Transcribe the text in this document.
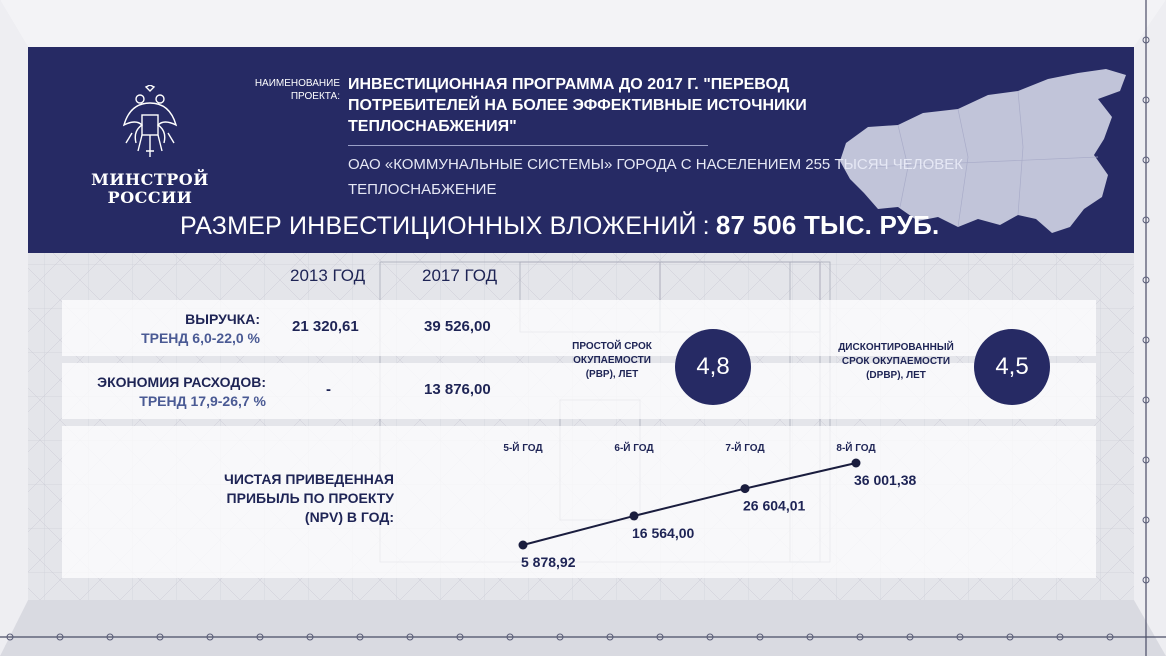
МИНСТРОЙ
РОССИИ
НАИМЕНОВАНИЕ ПРОЕКТА:
ИНВЕСТИЦИОННАЯ ПРОГРАММА ДО 2017 Г. "ПЕРЕВОД ПОТРЕБИТЕЛЕЙ НА БОЛЕЕ ЭФФЕКТИВНЫЕ ИСТОЧНИКИ ТЕПЛОСНАБЖЕНИЯ"
ОАО «КОММУНАЛЬНЫЕ СИСТЕМЫ» ГОРОДА С НАСЕЛЕНИЕМ 255 ТЫСЯЧ ЧЕЛОВЕК
ТЕПЛОСНАБЖЕНИЕ
РАЗМЕР ИНВЕСТИЦИОННЫХ ВЛОЖЕНИЙ : 87 506 ТЫС. РУБ.
2013 ГОД	2017 ГОД
ВЫРУЧКА:
ТРЕНД 6,0-22,0 %
21 320,61	39 526,00
ЭКОНОМИЯ РАСХОДОВ:
ТРЕНД 17,9-26,7 %
-	13 876,00
ПРОСТОЙ СРОК ОКУПАЕМОСТИ (PBP), ЛЕТ	4,8
ДИСКОНТИРОВАННЫЙ СРОК ОКУПАЕМОСТИ (DPBP), ЛЕТ	4,5
ЧИСТАЯ ПРИВЕДЕННАЯ ПРИБЫЛЬ ПО ПРОЕКТУ (NPV) В ГОД:
5-Й ГОД
5 878,92
6-Й ГОД
16 564,00
7-Й ГОД
26 604,01
8-Й ГОД
36 001,38
